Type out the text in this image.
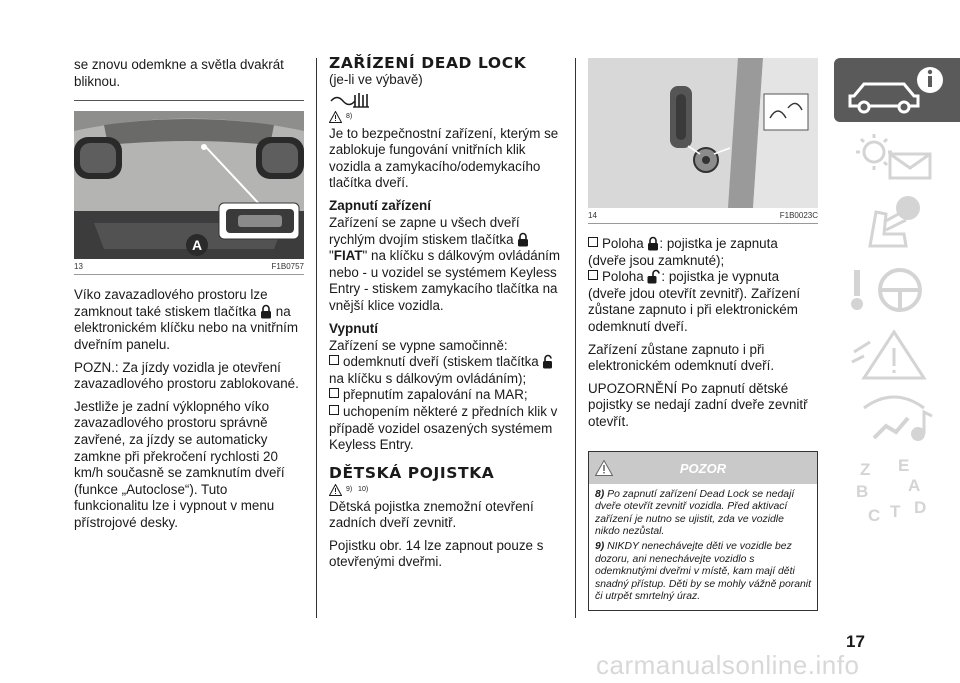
se znovu odemkne a světla dvakrát bliknou.

A
13	F1B0757

Víko zavazadlového prostoru lze zamknout také stiskem tlačítka  na elektronickém klíčku nebo na vnitřním dveřním panelu.

POZN.: Za jízdy vozidla je otevření zavazadlového prostoru zablokované.

Jestliže je zadní výklopného víko zavazadlového prostoru správně zavřené, za jízdy se automaticky zamkne při překročení rychlosti 20 km/h současně se zamknutím dveří (funkce „Autoclose“). Tuto funkcionalitu lze i vypnout v menu přístrojové desky.

ZAŘÍZENÍ DEAD LOCK

(je-li ve výbavě)

8)

Je to bezpečnostní zařízení, kterým se zablokuje fungování vnitřních klik vozidla a zamykacího/odemykacího tlačítka dveří.

Zapnutí zařízení

Zařízení se zapne u všech dveří rychlým dvojím stiskem tlačítka "FIAT" na klíčku s dálkovým ovládáním nebo - u vozidel se systémem Keyless Entry - stiskem zamykacího tlačítka na vnější klice vozidla.

Vypnutí

Zařízení se vypne samočinně:

odemknutí dveří (stiskem tlačítka  na klíčku s dálkovým ovládáním);

přepnutím zapalování na MAR;

uchopením některé z předních klik v případě vozidel osazených systémem Keyless Entry.

DĚTSKÁ POJISTKA
9)   10)

Dětská pojistka znemožní otevření zadních dveří zevnitř.

Pojistku obr. 14 lze zapnout pouze s otevřenými dveřmi.

14	F1B0023C

Poloha : pojistka je zapnuta (dveře jsou zamknuté);

Poloha : pojistka je vypnuta (dveře jdou otevřít zevnitř). Zařízení zůstane zapnuto i při elektronickém odemknutí dveří.

Zařízení zůstane zapnuto i při elektronickém odemknutí dveří.

UPOZORNĚNÍ Po zapnutí dětské pojistky se nedají zadní dveře zevnitř otevřít.

POZOR

8) Po zapnutí zařízení Dead Lock se nedají dveře otevřít zevnitř vozidla. Před aktivací zařízení je nutno se ujistit, zda ve vozidle nikdo nezůstal.

9) NIKDY nenechávejte děti ve vozidle bez dozoru, ani nenechávejte vozidlo s odemknutými dveřmi v místě, kam mají děti snadný přístup. Děti by se mohly vážně poranit či utrpět smrtelný úraz.

Z E
B A
C T D
17
carmanualsonline.info
